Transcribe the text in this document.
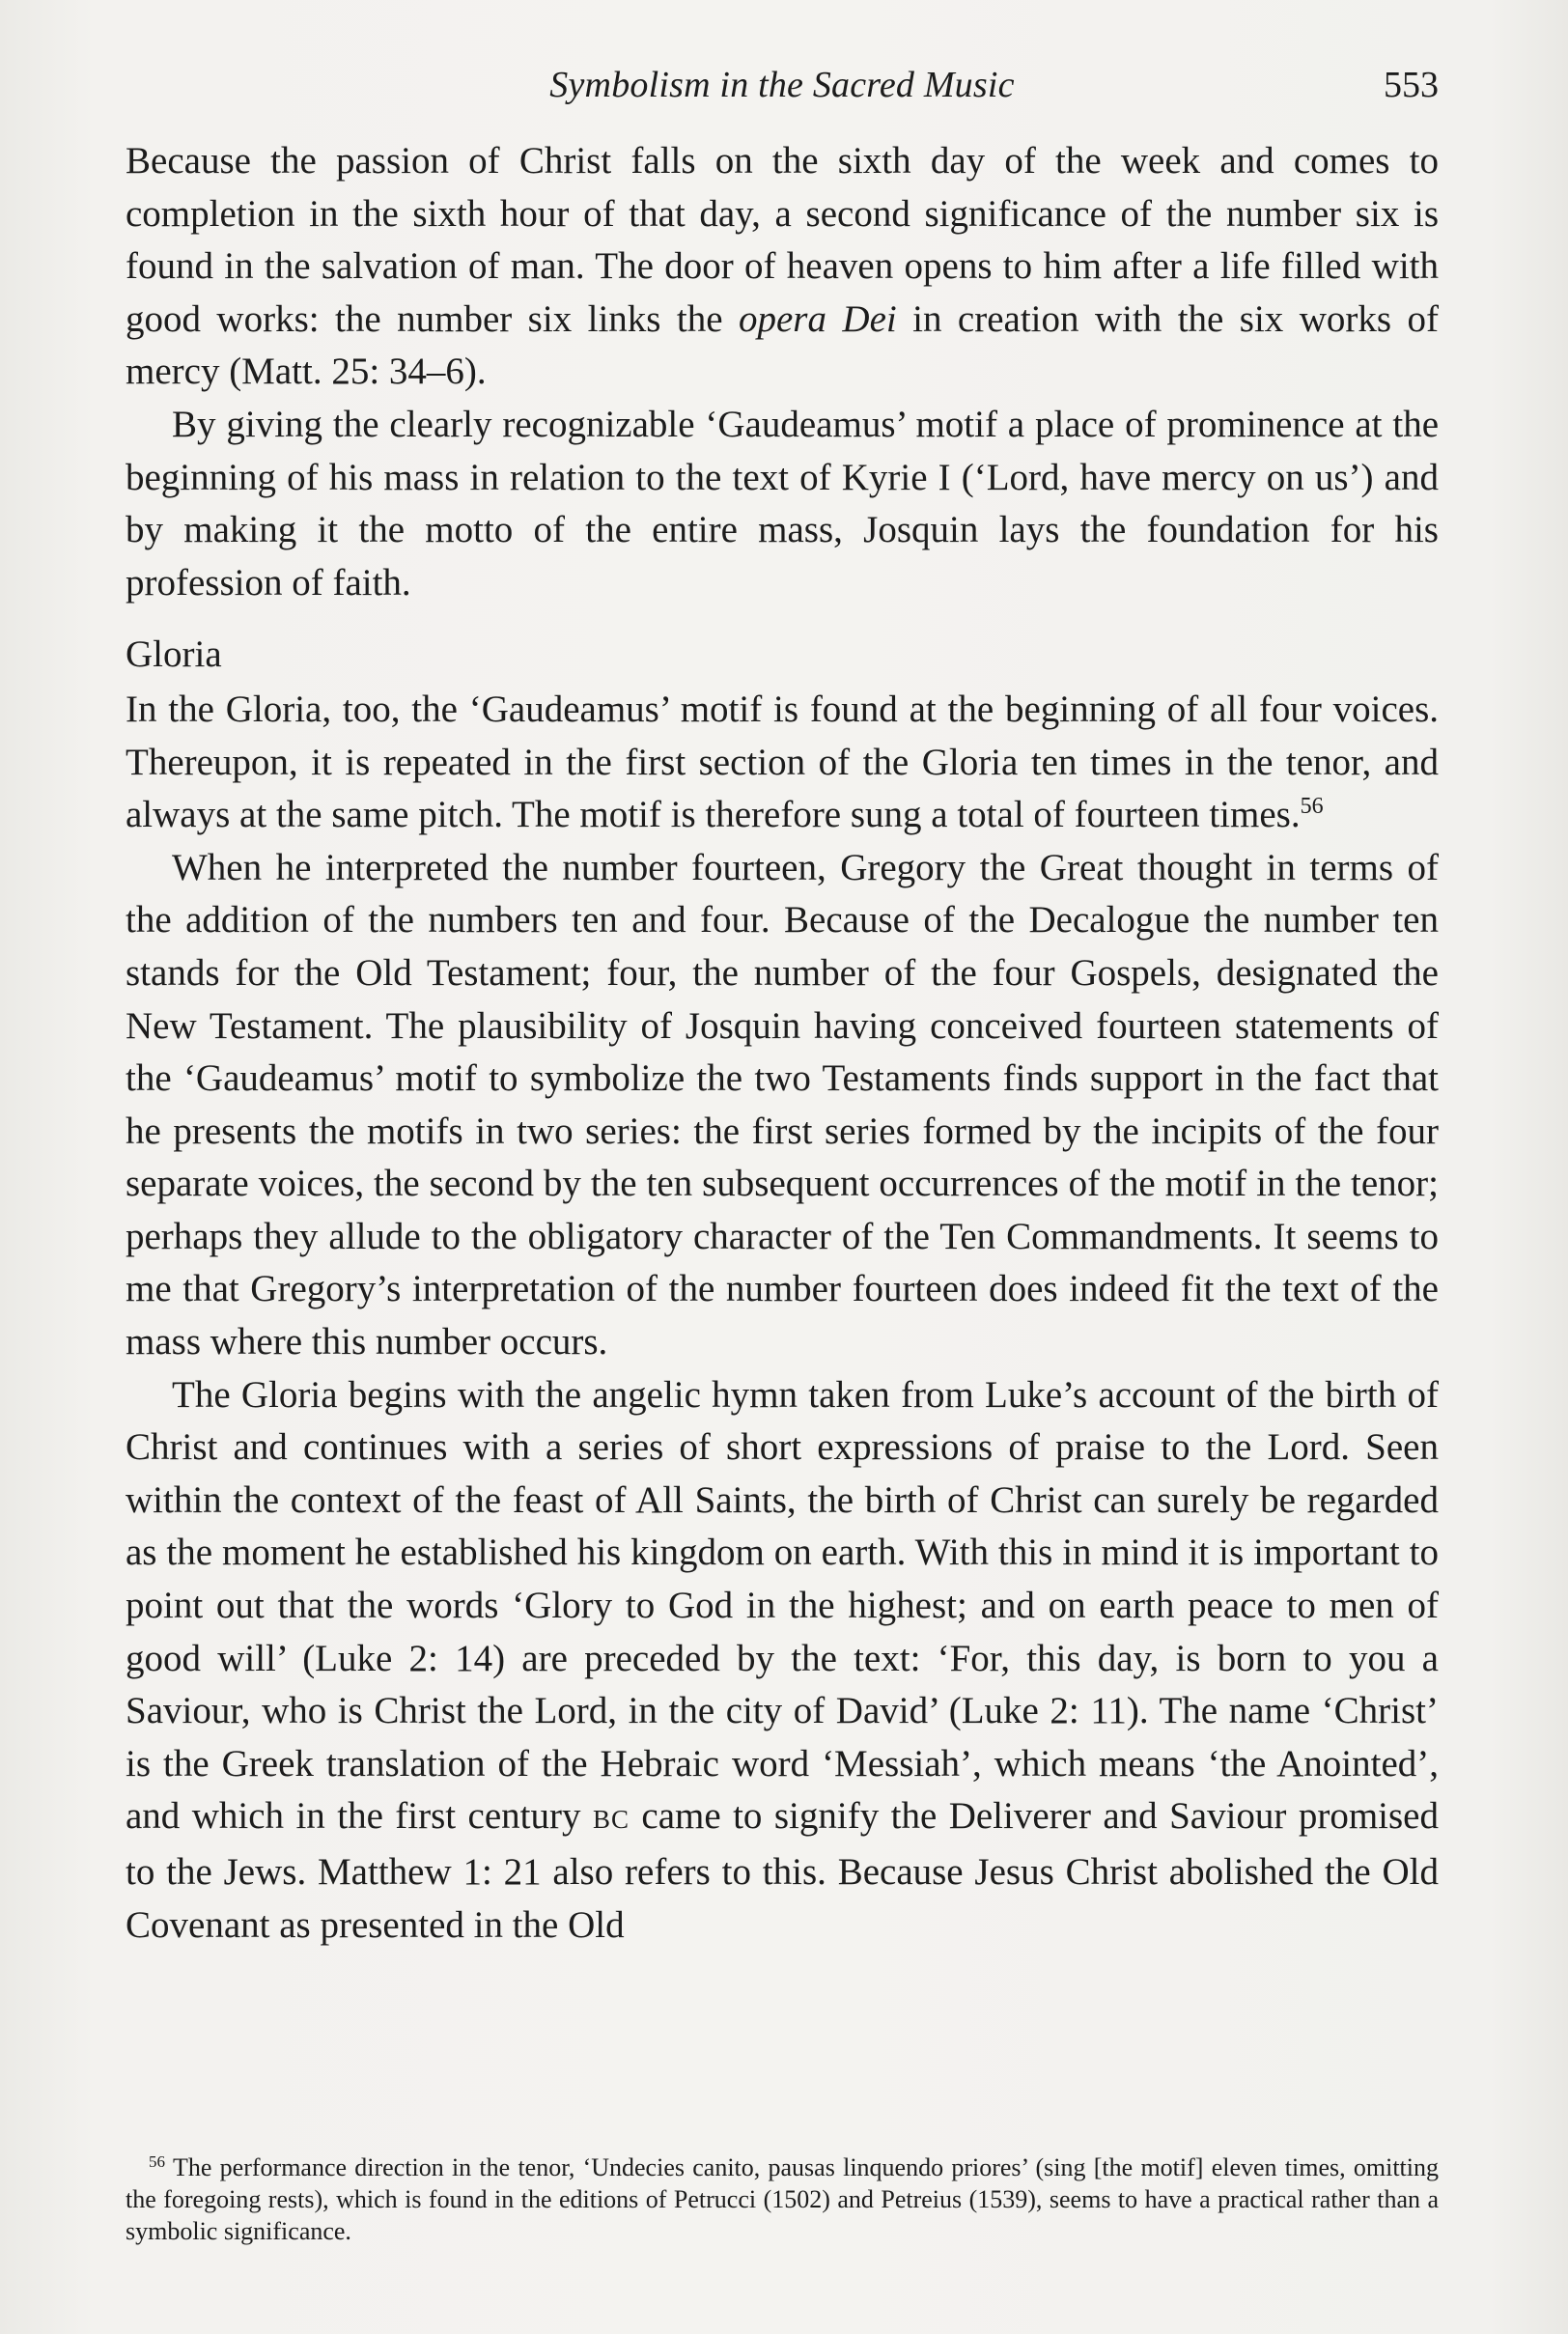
Symbolism in the Sacred Music	553

Because the passion of Christ falls on the sixth day of the week and comes to completion in the sixth hour of that day, a second significance of the number six is found in the salvation of man. The door of heaven opens to him after a life filled with good works: the number six links the opera Dei in creation with the six works of mercy (Matt. 25: 34–6).

By giving the clearly recognizable ‘Gaudeamus’ motif a place of prominence at the beginning of his mass in relation to the text of Kyrie I (‘Lord, have mercy on us’) and by making it the motto of the entire mass, Josquin lays the foundation for his profession of faith.

Gloria

In the Gloria, too, the ‘Gaudeamus’ motif is found at the beginning of all four voices. Thereupon, it is repeated in the first section of the Gloria ten times in the tenor, and always at the same pitch. The motif is therefore sung a total of fourteen times.$^{56}$

When he interpreted the number fourteen, Gregory the Great thought in terms of the addition of the numbers ten and four. Because of the Decalogue the number ten stands for the Old Testament; four, the number of the four Gospels, designated the New Testament. The plausibility of Josquin having conceived fourteen statements of the ‘Gaudeamus’ motif to symbolize the two Testaments finds support in the fact that he presents the motifs in two series: the first series formed by the incipits of the four separate voices, the second by the ten subsequent occurrences of the motif in the tenor; perhaps they allude to the obligatory character of the Ten Commandments. It seems to me that Gregory’s interpretation of the number fourteen does indeed fit the text of the mass where this number occurs.

The Gloria begins with the angelic hymn taken from Luke’s account of the birth of Christ and continues with a series of short expressions of praise to the Lord. Seen within the context of the feast of All Saints, the birth of Christ can surely be regarded as the moment he established his kingdom on earth. With this in mind it is important to point out that the words ‘Glory to God in the highest; and on earth peace to men of good will’ (Luke 2: 14) are preceded by the text: ‘For, this day, is born to you a Saviour, who is Christ the Lord, in the city of David’ (Luke 2: 11). The name ‘Christ’ is the Greek translation of the Hebraic word ‘Messiah’, which means ‘the Anointed’, and which in the first century BC came to signify the Deliverer and Saviour promised to the Jews. Matthew 1: 21 also refers to this. Because Jesus Christ abolished the Old Covenant as presented in the Old

$^{56}$ The performance direction in the tenor, ‘Undecies canito, pausas linquendo priores’ (sing [the motif] eleven times, omitting the foregoing rests), which is found in the editions of Petrucci (1502) and Petreius (1539), seems to have a practical rather than a symbolic significance.
